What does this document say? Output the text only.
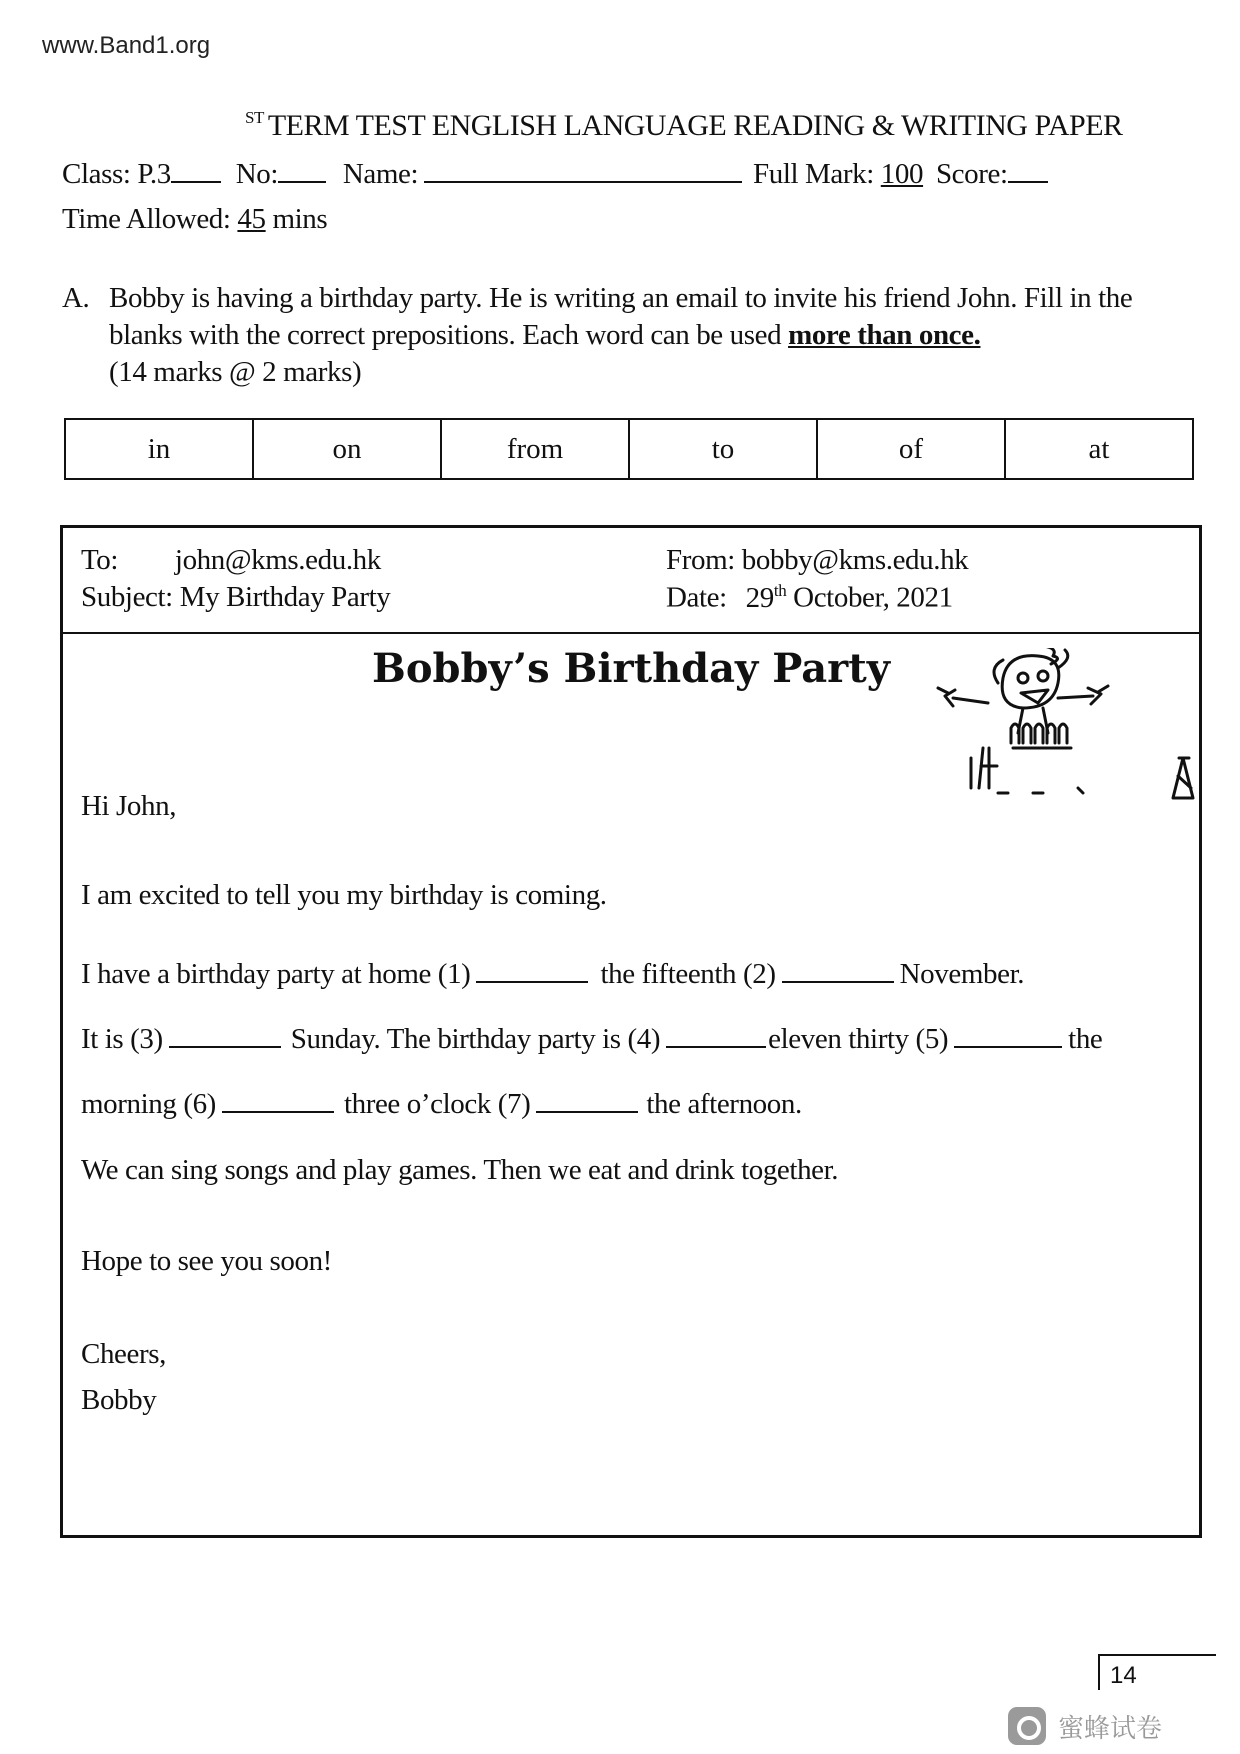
www.Band1.org
$^{ST}$ TERM TEST ENGLISH LANGUAGE READING & WRITING PAPER
Class: P.3 No: Name:	Full Mark: 100 Score:
Time Allowed: 45 mins
A. Bobby is having a birthday party. He is writing an email to invite his friend John. Fill in the blanks with the correct prepositions. Each word can be used more than once.
(14 marks @ 2 marks)
in	on	from	to	of	at
To: john@kms.edu.hk
Subject: My Birthday Party
From: bobby@kms.edu.hk
Date: 29th October, 2021
Bobby’s Birthday Party
Hi John,
I am excited to tell you my birthday is coming.
I have a birthday party at home (1)	the fifteenth (2)	November.
It is (3)	Sunday. The birthday party is (4)	eleven thirty (5)	the
morning (6)	three o’clock (7)	the afternoon.
We can sing songs and play games. Then we eat and drink together.
Hope to see you soon!
Cheers,
Bobby
14
蜜蜂试卷
